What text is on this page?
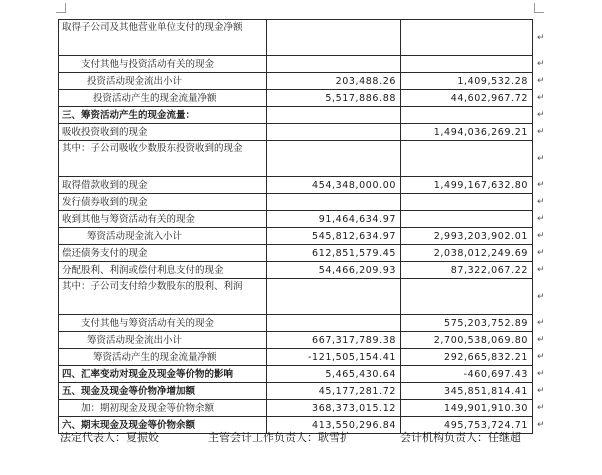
取得子公司及其他营业单位支付的现金净额		
支付其他与投资活动有关的现金		
投资活动现金流出小计	203,488.26	1,409,532.28
投资活动产生的现金流量净额	5,517,886.88	44,602,967.72
三、筹资活动产生的现金流量：		
吸收投资收到的现金		1,494,036,269.21
其中：子公司吸收少数股东投资收到的现金		
取得借款收到的现金	454,348,000.00	1,499,167,632.80
发行债券收到的现金		
收到其他与筹资活动有关的现金	91,464,634.97	
筹资活动现金流入小计	545,812,634.97	2,993,203,902.01
偿还债务支付的现金	612,851,579.45	2,038,012,249.69
分配股利、利润或偿付利息支付的现金	54,466,209.93	87,322,067.22
其中：子公司支付给少数股东的股利、利润		
支付其他与筹资活动有关的现金		575,203,752.89
筹资活动现金流出小计	667,317,789.38	2,700,538,069.80
筹资活动产生的现金流量净额	-121,505,154.41	292,665,832.21
四、汇率变动对现金及现金等价物的影响	5,465,430.64	-460,697.43
五、现金及现金等价物净增加额	45,177,281.72	345,851,814.41
加：期初现金及现金等价物余额	368,373,015.12	149,901,910.30
六、期末现金及现金等价物余额	413,550,296.84	495,753,724.71
↵
↵
↵
↵
↵
↵
↵
↵
↵
↵
↵
↵
↵
↵
↵
↵
↵
↵
↵
↵
↵
法定代表人：夏振姣	主管会计工作负责人：耿雪扩	会计机构负责人：任继超
